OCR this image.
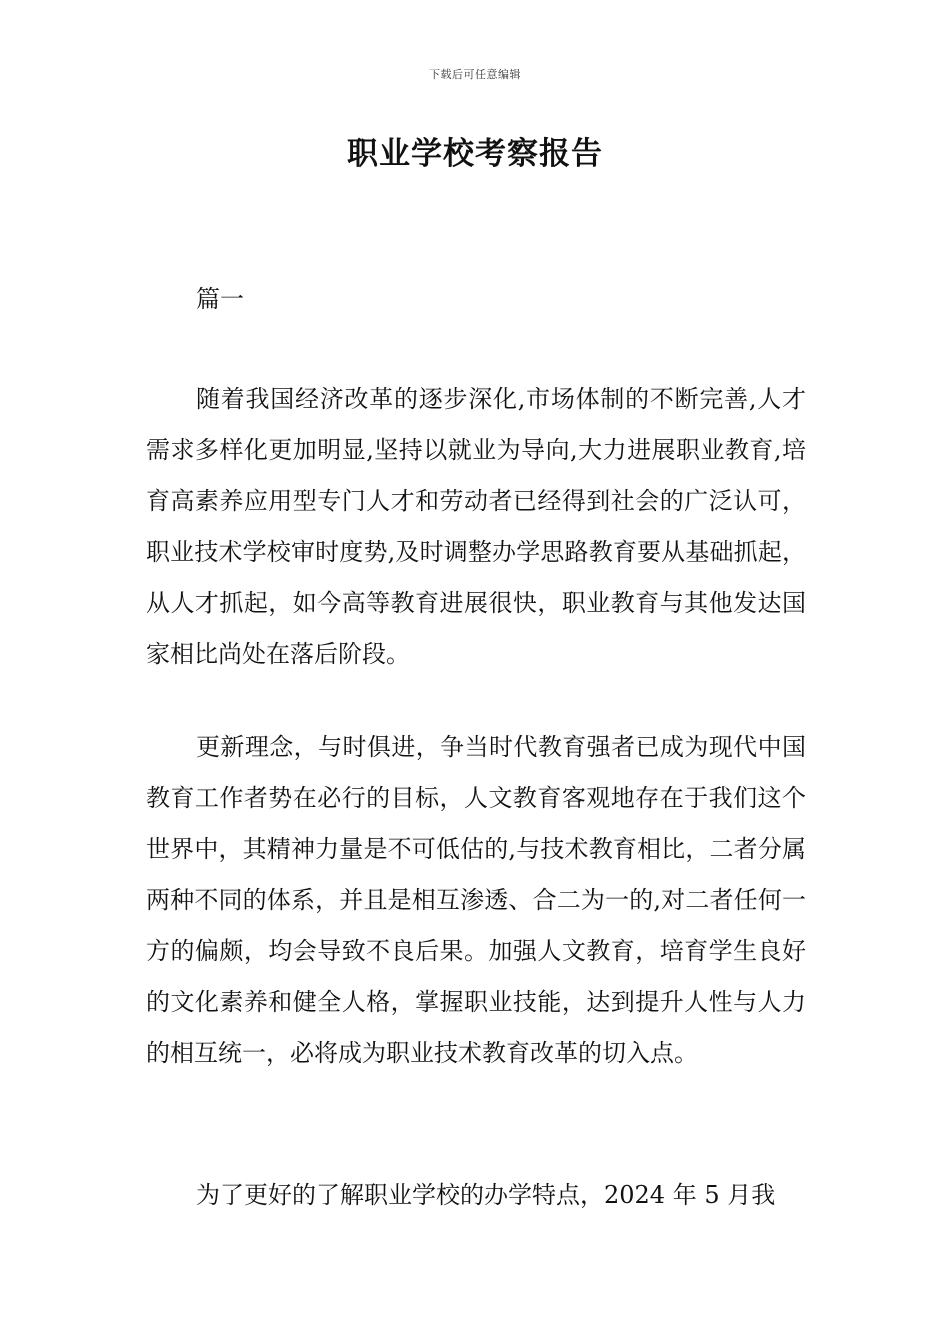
下载后可任意编辑
职业学校考察报告

篇一

随着我国经济改革的逐步深化,市场体制的不断完善,人才需求多样化更加明显,坚持以就业为导向,大力进展职业教育,培育高素养应用型专门人才和劳动者已经得到社会的广泛认可，职业技术学校审时度势,及时调整办学思路教育要从基础抓起，从人才抓起，如今高等教育进展很快，职业教育与其他发达国家相比尚处在落后阶段。

更新理念，与时俱进，争当时代教育强者已成为现代中国教育工作者势在必行的目标，人文教育客观地存在于我们这个世界中，其精神力量是不可低估的,与技术教育相比，二者分属两种不同的体系，并且是相互渗透、合二为一的,对二者任何一方的偏颇，均会导致不良后果。加强人文教育，培育学生良好的文化素养和健全人格，掌握职业技能，达到提升人性与人力的相互统一，必将成为职业技术教育改革的切入点。

为了更好的了解职业学校的办学特点，2024 年 5 月我
